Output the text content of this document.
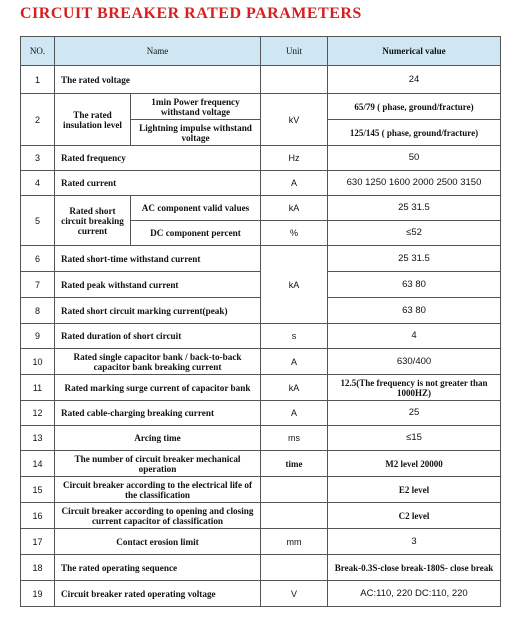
CIRCUIT BREAKER RATED PARAMETERS
NO.	Name		Unit	Numerical value
1	The rated voltage			24
2	The rated insulation level	1min Power frequency withstand voltage	kV	65/79 ( phase, ground/fracture)
		Lightning impulse withstand voltage		125/145 ( phase, ground/fracture)
3	Rated frequency		Hz	50
4	Rated current		A	630 1250 1600 2000 2500 3150
5	Rated short circuit breaking current	AC component valid values	kA	25 31.5
		DC component percent	%	≤52
6	Rated short-time withstand current		kA	25 31.5
7	Rated peak withstand current			63 80
8	Rated short circuit marking current(peak)			63 80
9	Rated duration of short circuit		s	4
10	Rated single capacitor bank / back-to-back capacitor bank breaking current		A	630/400
11	Rated marking surge current of capacitor bank		kA	12.5(The frequency is not greater than 1000HZ)
12	Rated cable-charging breaking current		A	25
13	Arcing time		ms	≤15
14	The number of circuit breaker mechanical operation		time	M2 level 20000
15	Circuit breaker according to the electrical life of the classification			E2 level
16	Circuit breaker according to opening and closing current capacitor of classification			C2 level
17	Contact erosion limit		mm	3
18	The rated operating sequence			Break-0.3S-close break-180S- close break
19	Circuit breaker rated operating voltage		V	AC:110, 220 DC:110, 220
